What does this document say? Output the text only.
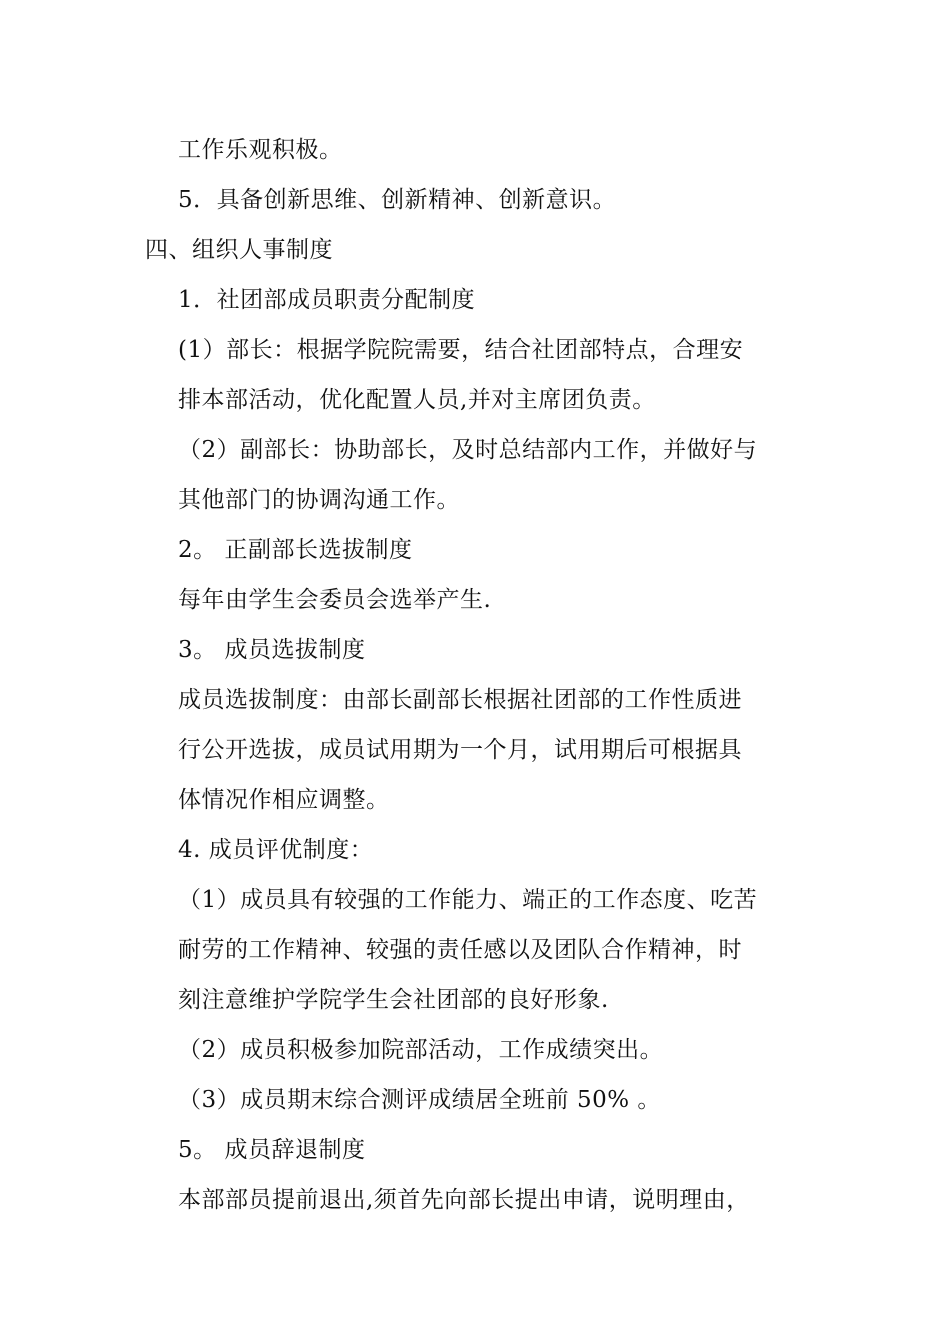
工作乐观积极。
5．具备创新思维、创新精神、创新意识。
四、组织人事制度
1．社团部成员职责分配制度
(1）部长：根据学院院需要，结合社团部特点，合理安
排本部活动，优化配置人员,并对主席团负责。
（2）副部长：协助部长，及时总结部内工作，并做好与
其他部门的协调沟通工作。
2。 正副部长选拔制度
每年由学生会委员会选举产生.
3。 成员选拔制度
成员选拔制度：由部长副部长根据社团部的工作性质进
行公开选拔，成员试用期为一个月，试用期后可根据具
体情况作相应调整。
4. 成员评优制度：
（1）成员具有较强的工作能力、端正的工作态度、吃苦
耐劳的工作精神、较强的责任感以及团队合作精神，时
刻注意维护学院学生会社团部的良好形象.
（2）成员积极参加院部活动，工作成绩突出。
（3）成员期末综合测评成绩居全班前 50% 。
5。 成员辞退制度
本部部员提前退出,须首先向部长提出申请，说明理由，
